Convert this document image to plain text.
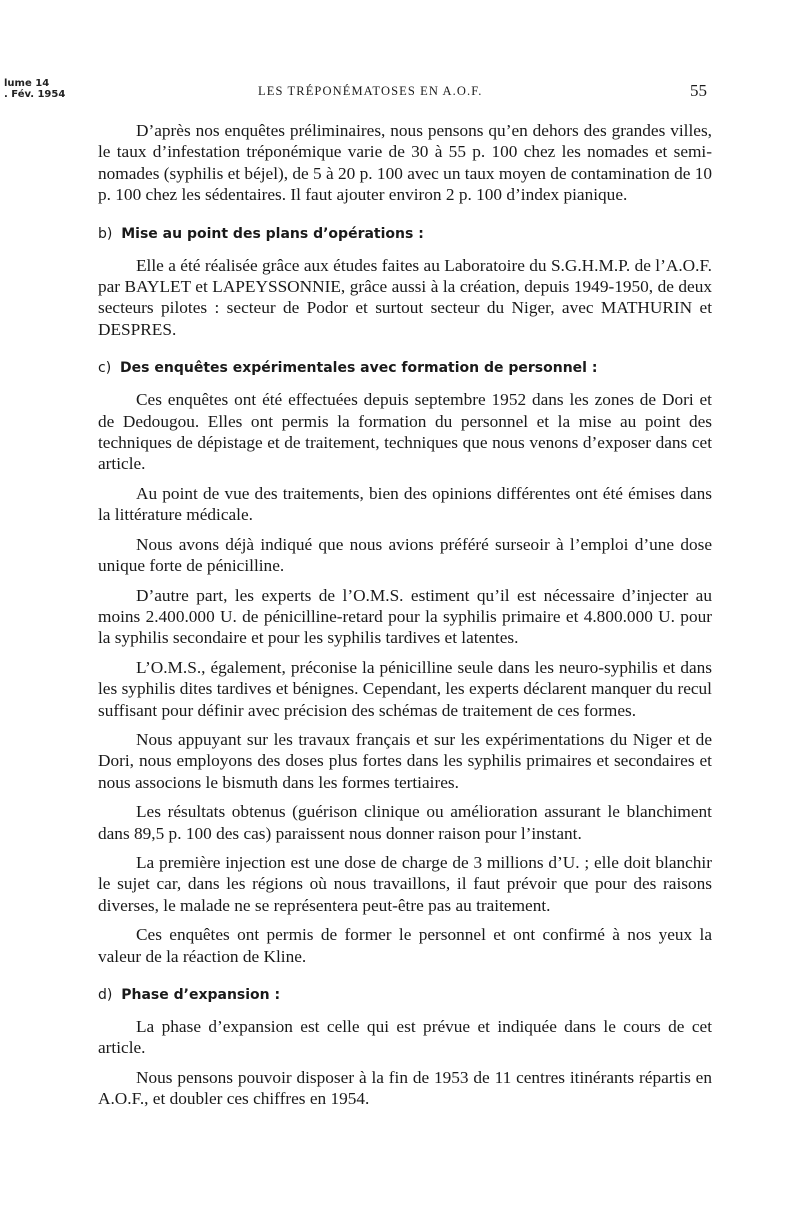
lume 14
. Fév. 1954	LES TRÉPONÉMATOSES EN A.O.F.	55

D’après nos enquêtes préliminaires, nous pensons qu’en dehors des grandes villes, le taux d’infestation tréponémique varie de 30 à 55 p. 100 chez les nomades et semi-nomades (syphilis et béjel), de 5 à 20 p. 100 avec un taux moyen de contamination de 10 p. 100 chez les sédentaires. Il faut ajouter environ 2 p. 100 d’index pianique.

b) Mise au point des plans d’opérations :

Elle a été réalisée grâce aux études faites au Laboratoire du S.G.H.M.P. de l’A.O.F. par BAYLET et LAPEYSSONNIE, grâce aussi à la création, depuis 1949-1950, de deux secteurs pilotes : secteur de Podor et surtout secteur du Niger, avec MATHURIN et DESPRES.

c) Des enquêtes expérimentales avec formation de personnel :

Ces enquêtes ont été effectuées depuis septembre 1952 dans les zones de Dori et de Dedougou. Elles ont permis la formation du personnel et la mise au point des techniques de dépistage et de traitement, techniques que nous venons d’exposer dans cet article.

Au point de vue des traitements, bien des opinions différentes ont été émises dans la littérature médicale.

Nous avons déjà indiqué que nous avions préféré surseoir à l’emploi d’une dose unique forte de pénicilline.

D’autre part, les experts de l’O.M.S. estiment qu’il est nécessaire d’injecter au moins 2.400.000 U. de pénicilline-retard pour la syphilis primaire et 4.800.000 U. pour la syphilis secondaire et pour les syphilis tardives et latentes.

L’O.M.S., également, préconise la pénicilline seule dans les neuro-syphilis et dans les syphilis dites tardives et bénignes. Cependant, les experts déclarent manquer du recul suffisant pour définir avec précision des schémas de traitement de ces formes.

Nous appuyant sur les travaux français et sur les expérimentations du Niger et de Dori, nous employons des doses plus fortes dans les syphilis primaires et secondaires et nous associons le bismuth dans les formes tertiaires.

Les résultats obtenus (guérison clinique ou amélioration assurant le blanchiment dans 89,5 p. 100 des cas) paraissent nous donner raison pour l’instant.

La première injection est une dose de charge de 3 millions d’U. ; elle doit blanchir le sujet car, dans les régions où nous travaillons, il faut prévoir que pour des raisons diverses, le malade ne se représentera peut-être pas au traitement.

Ces enquêtes ont permis de former le personnel et ont confirmé à nos yeux la valeur de la réaction de Kline.

d) Phase d’expansion :

La phase d’expansion est celle qui est prévue et indiquée dans le cours de cet article.

Nous pensons pouvoir disposer à la fin de 1953 de 11 centres itinérants répartis en A.O.F., et doubler ces chiffres en 1954.
